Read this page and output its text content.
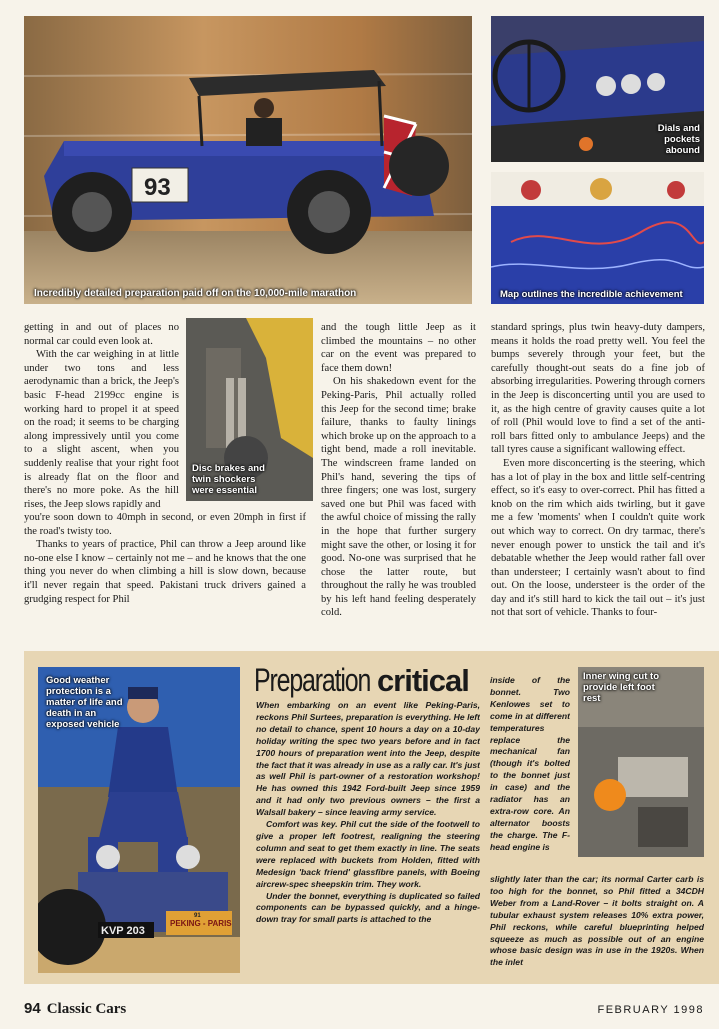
93
Incredibly detailed preparation paid off on the 10,000-mile marathon
Dials and pockets abound
Map outlines the incredible achievement
Disc brakes and twin shockers were essential

getting in and out of places no normal car could even look at.

With the car weighing in at little under two tons and less aerodynamic than a brick, the Jeep's basic F-head 2199cc engine is working hard to propel it at speed on the road; it seems to be charging along impressively until you come to a slight ascent, when you suddenly realise that your right foot is already flat on the floor and there's no more poke. As the hill rises, the Jeep slows rapidly and

you're soon down to 40mph in second, or even 20mph in first if the road's twisty too.

Thanks to years of practice, Phil can throw a Jeep around like no-one else I know – certainly not me – and he knows that the one thing you never do when climbing a hill is slow down, because it'll never regain that speed. Pakistani truck drivers gained a grudging respect for Phil

and the tough little Jeep as it climbed the mountains – no other car on the event was prepared to face them down!

On his shakedown event for the Peking-Paris, Phil actually rolled this Jeep for the second time; brake failure, thanks to faulty linings which broke up on the approach to a tight bend, made a roll inevitable. The windscreen frame landed on Phil's hand, severing the tips of three fingers; one was lost, surgery saved one but Phil was faced with the awful choice of missing the rally in the hope that further surgery might save the other, or losing it for good. No-one was surprised that he chose the latter route, but throughout the rally he was troubled by his left hand feeling desperately cold.

standard springs, plus twin heavy-duty dampers, means it holds the road pretty well. You feel the bumps severely through your feet, but the carefully thought-out seats do a fine job of absorbing irregularities. Powering through corners in the Jeep is disconcerting until you are used to it, as the high centre of gravity causes quite a lot of roll (Phil would love to find a set of the anti-roll bars fitted only to ambulance Jeeps) and the tall tyres cause a significant wallowing effect.

Even more disconcerting is the steering, which has a lot of play in the box and little self-centring effect, so it's easy to over-correct. Phil has fitted a knob on the rim which aids twirling, but it gave me a few 'moments' when I couldn't quite work out which way to correct. On dry tarmac, there's never enough power to unstick the tail and it's debatable whether the Jeep would rather fall over than understeer; I certainly wasn't about to find out. On the loose, understeer is the order of the day and it's still hard to kick the tail out – it's just not that sort of vehicle. Thanks to four-

KVP 203
PEKING - PARIS
91
Good weather protection is a matter of life and death in an exposed vehicle
Preparation critical

When embarking on an event like Peking-Paris, reckons Phil Surtees, preparation is everything. He left no detail to chance, spent 10 hours a day on a 10-day holiday writing the spec two years before and in fact 1700 hours of preparation went into the Jeep, despite the fact that it was already in use as a rally car. It's just as well Phil is part-owner of a restoration workshop! He has owned this 1942 Ford-built Jeep since 1959 and it had only two previous owners – the first a Walsall bakery – since leaving army service.

Comfort was key. Phil cut the side of the footwell to give a proper left footrest, realigning the steering column and seat to get them exactly in line. The seats were replaced with buckets from Holden, fitted with Medesign 'back friend' glassfibre panels, with Boeing aircrew-spec sheepskin trim. They work.

Under the bonnet, everything is duplicated so failed components can be bypassed quickly, and a hinge-down tray for small parts is attached to the

inside of the bonnet. Two Kenlowes set to come in at different temperatures replace the mechanical fan (though it's bolted to the bonnet just in case) and the radiator has an extra-row core. An alternator boosts the charge. The F-head engine is

Inner wing cut to provide left foot rest

slightly later than the car; its normal Carter carb is too high for the bonnet, so Phil fitted a 34CDH Weber from a Land-Rover – it bolts straight on. A tubular exhaust system releases 10% extra power, Phil reckons, while careful blueprinting helped squeeze as much as possible out of an engine whose basic design was in use in the 1920s. When the inlet

94 Classic Cars	FEBRUARY 1998
